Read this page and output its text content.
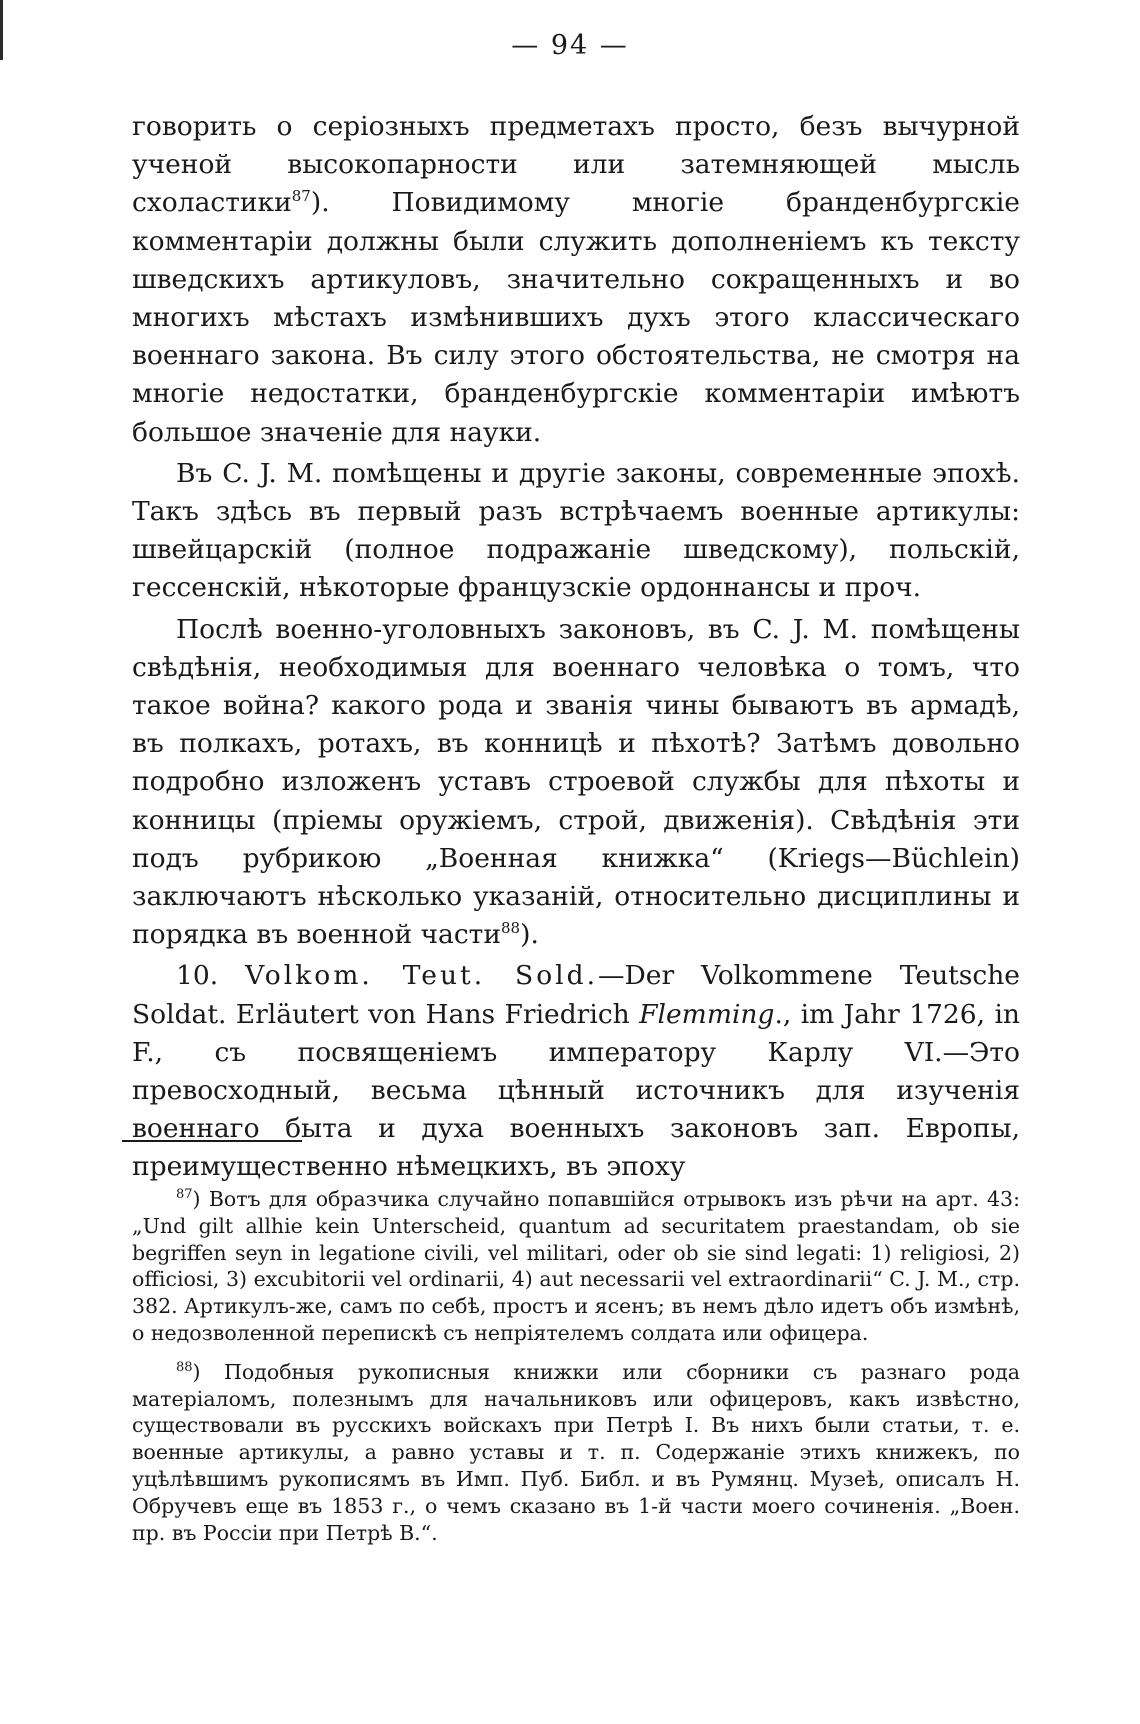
— 94 —

говорить о серіозныхъ предметахъ просто, безъ вычурной ученой высокопарности или затемняющей мысль схоластики$^{87}$). Повидимому многіе бранденбургскіе комментаріи должны были служить дополненіемъ къ тексту шведскихъ артикуловъ, значительно сокращенныхъ и во многихъ мѣстахъ измѣнившихъ духъ этого классическаго военнаго закона. Въ силу этого обстоятельства, не смотря на многіе недостатки, бранденбургскіе комментаріи имѣютъ большое значеніе для науки.

Въ C. J. M. помѣщены и другіе законы, современные эпохѣ. Такъ здѣсь въ первый разъ встрѣчаемъ военные артикулы: швейцарскій (полное подражаніе шведскому), польскій, гессенскій, нѣкоторые французскіе ордоннансы и проч.

Послѣ военно-уголовныхъ законовъ, въ C. J. M. помѣщены свѣдѣнія, необходимыя для военнаго человѣка о томъ, что такое война? какого рода и званія чины бываютъ въ армадѣ, въ полкахъ, ротахъ, въ конницѣ и пѣхотѣ? Затѣмъ довольно подробно изложенъ уставъ строевой службы для пѣхоты и конницы (пріемы оружіемъ, строй, движенія). Свѣдѣнія эти подъ рубрикою „Военная книжка“ (Kriegs—Büchlein) заключаютъ нѣсколько указаній, относительно дисциплины и порядка въ военной части$^{88}$).

10. Volkom. Teut. Sold.—Der Volkommene Teutsche Soldat. Erläutert von Hans Friedrich Flemming., im Jahr 1726, in F., съ посвященіемъ императору Карлу VI.—Это превосходный, весьма цѣнный источникъ для изученія военнаго быта и духа военныхъ законовъ зап. Европы, преимущественно нѣмецкихъ, въ эпоху

$^{87}$) Вотъ для образчика случайно попавшійся отрывокъ изъ рѣчи на арт. 43: „Und gilt allhie kein Unterscheid, quantum ad securitatem praestandam, ob sie begriffen seyn in legatione civili, vel militari, oder ob sie sind legati: 1) religiosi, 2) officiosi, 3) excubitorii vel ordinarii, 4) aut necessarii vel extraordinarii“ C. J. M., стр. 382. Артикулъ-же, самъ по себѣ, простъ и ясенъ; въ немъ дѣло идетъ объ измѣнѣ, о недозволенной перепискѣ съ непріятелемъ солдата или офицера.

$^{88}$) Подобныя рукописныя книжки или сборники съ разнаго рода матеріаломъ, полезнымъ для начальниковъ или офицеровъ, какъ извѣстно, существовали въ русскихъ войскахъ при Петрѣ I. Въ нихъ были статьи, т. е. военные артикулы, а равно уставы и т. п. Содержаніе этихъ книжекъ, по уцѣлѣвшимъ рукописямъ въ Имп. Пуб. Библ. и въ Румянц. Музеѣ, описалъ Н. Обручевъ еще въ 1853 г., о чемъ сказано въ 1-й части моего сочиненія. „Воен. пр. въ Россіи при Петрѣ В.“.
